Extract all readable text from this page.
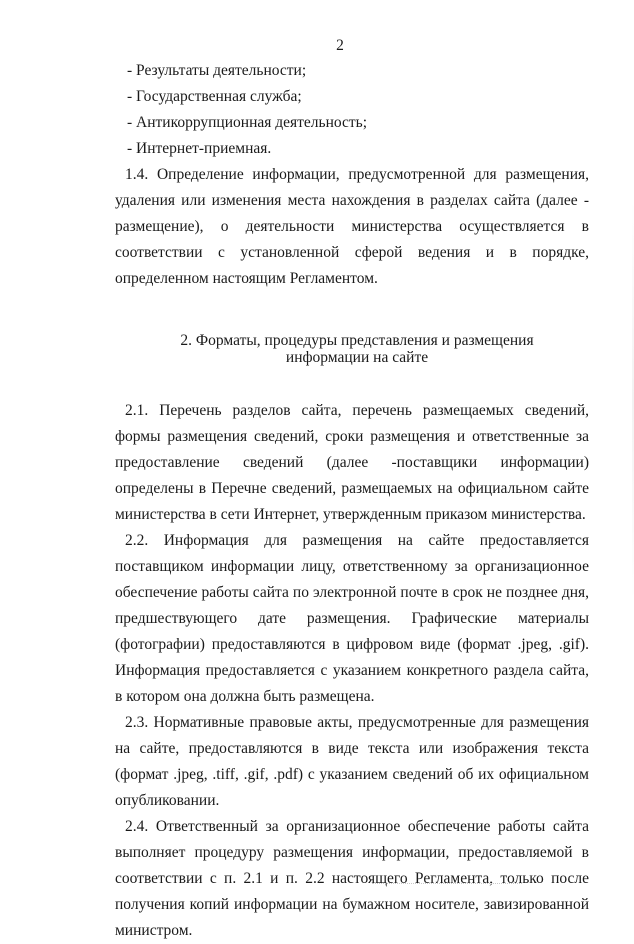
2
- Результаты деятельности;
- Государственная служба;
- Антикоррупционная деятельность;
- Интернет-приемная.

1.4. Определение информации, предусмотренной для размещения, удаления или изменения места нахождения в разделах сайта (далее - размещение), о деятельности министерства осуществляется в соответствии с установленной сферой ведения и в порядке, определенном настоящим Регламентом.

2. Форматы, процедуры представления и размещения
информации на сайте

2.1. Перечень разделов сайта, перечень размещаемых сведений, формы размещения сведений, сроки размещения и ответственные за предоставление сведений (далее -поставщики информации) определены в Перечне сведений, размещаемых на официальном сайте министерства в сети Интернет, утвержденным приказом министерства.

2.2. Информация для размещения на сайте предоставляется поставщиком информации лицу, ответственному за организационное обеспечение работы сайта по электронной почте в срок не позднее дня, предшествующего дате размещения. Графические материалы (фотографии) предоставляются в цифровом виде (формат .jpeg, .gif). Информация предоставляется с указанием конкретного раздела сайта, в котором она должна быть размещена.

2.3. Нормативные правовые акты, предусмотренные для размещения на сайте, предоставляются в виде текста или изображения текста (формат .jpeg, .tiff, .gif, .pdf) с указанием сведений об их официальном опубликовании.

2.4. Ответственный за организационное обеспечение работы сайта выполняет процедуру размещения информации, предоставляемой в соответствии с п. 2.1 и п. 2.2 настоящего Регламента, только после получения копий информации на бумажном носителе, завизированной министром.
